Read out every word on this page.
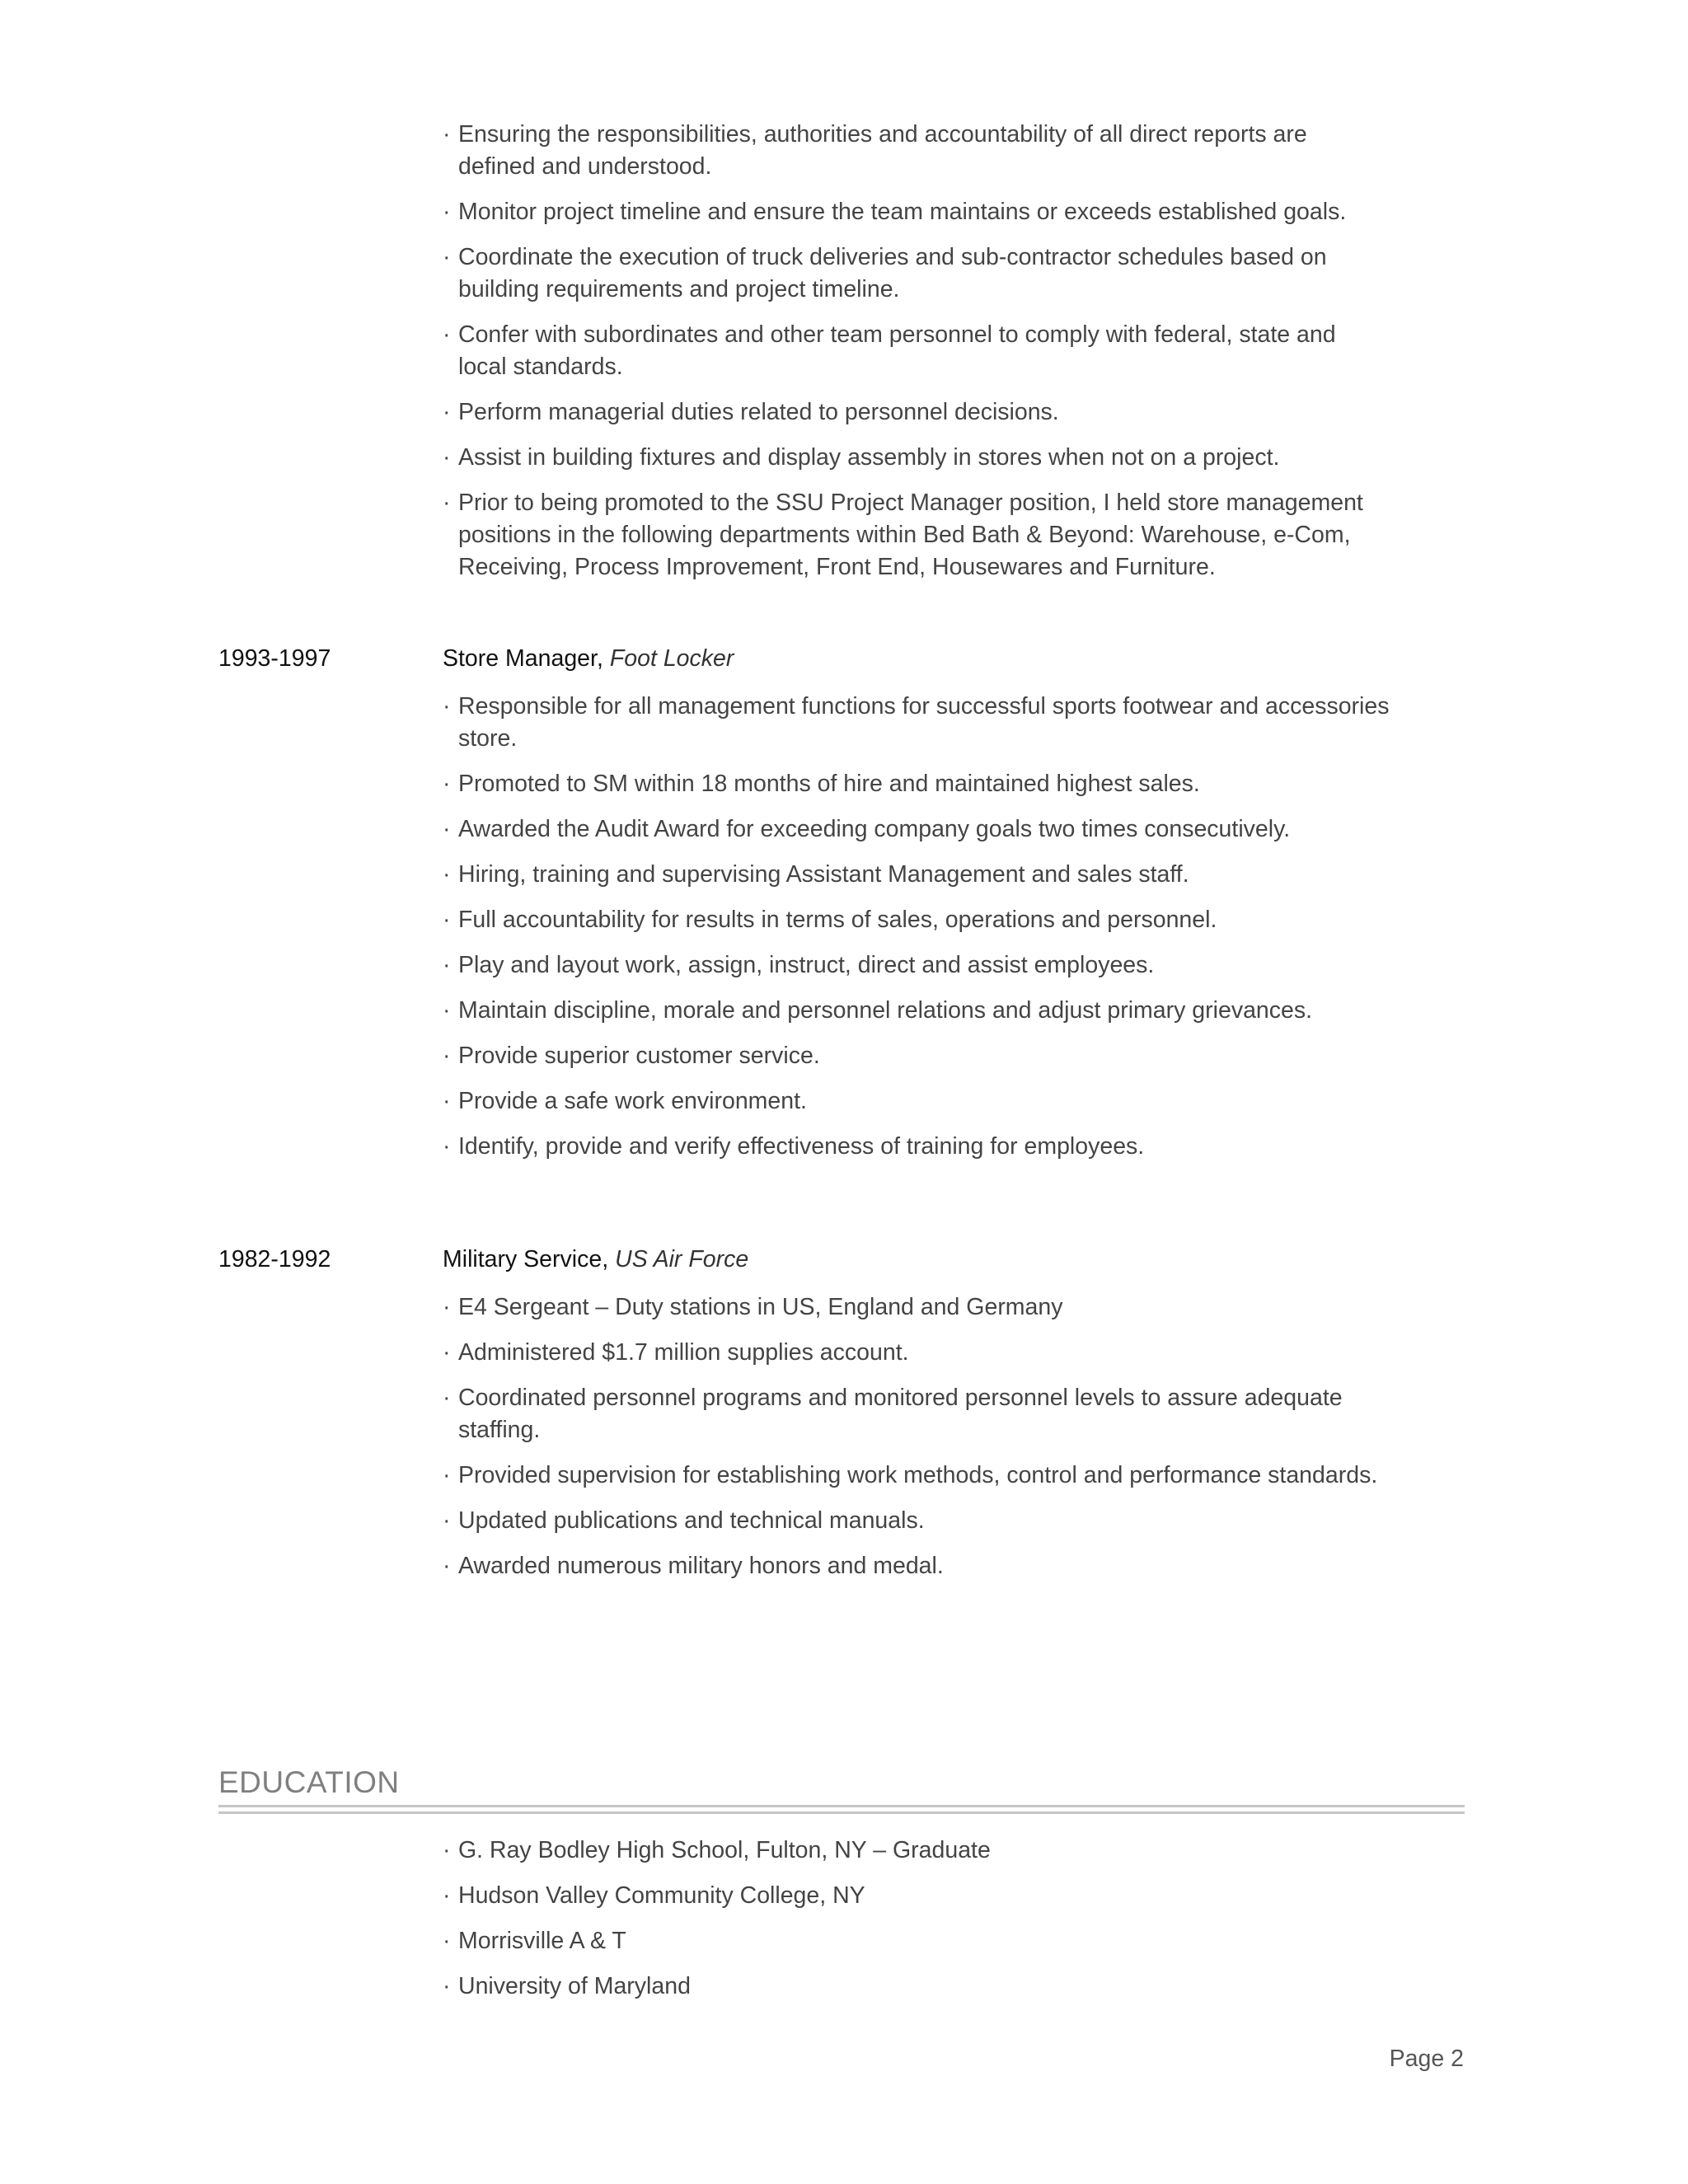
· Ensuring the responsibilities, authorities and accountability of all direct reports are defined and understood.
· Monitor project timeline and ensure the team maintains or exceeds established goals.
· Coordinate the execution of truck deliveries and sub-contractor schedules based on building requirements and project timeline.
· Confer with subordinates and other team personnel to comply with federal, state and local standards.
· Perform managerial duties related to personnel decisions.
· Assist in building fixtures and display assembly in stores when not on a project.
· Prior to being promoted to the SSU Project Manager position, I held store management positions in the following departments within Bed Bath & Beyond: Warehouse, e-Com, Receiving, Process Improvement, Front End, Housewares and Furniture.
1993-1997	Store Manager, Foot Locker
· Responsible for all management functions for successful sports footwear and accessories store.
· Promoted to SM within 18 months of hire and maintained highest sales.
· Awarded the Audit Award for exceeding company goals two times consecutively.
· Hiring, training and supervising Assistant Management and sales staff.
· Full accountability for results in terms of sales, operations and personnel.
· Play and layout work, assign, instruct, direct and assist employees.
· Maintain discipline, morale and personnel relations and adjust primary grievances.
· Provide superior customer service.
· Provide a safe work environment.
· Identify, provide and verify effectiveness of training for employees.
1982-1992	Military Service, US Air Force
· E4 Sergeant – Duty stations in US, England and Germany
· Administered $1.7 million supplies account.
· Coordinated personnel programs and monitored personnel levels to assure adequate staffing.
· Provided supervision for establishing work methods, control and performance standards.
· Updated publications and technical manuals.
· Awarded numerous military honors and medal.
EDUCATION
· G. Ray Bodley High School, Fulton, NY – Graduate
· Hudson Valley Community College, NY
· Morrisville A & T
· University of Maryland
Page 2
